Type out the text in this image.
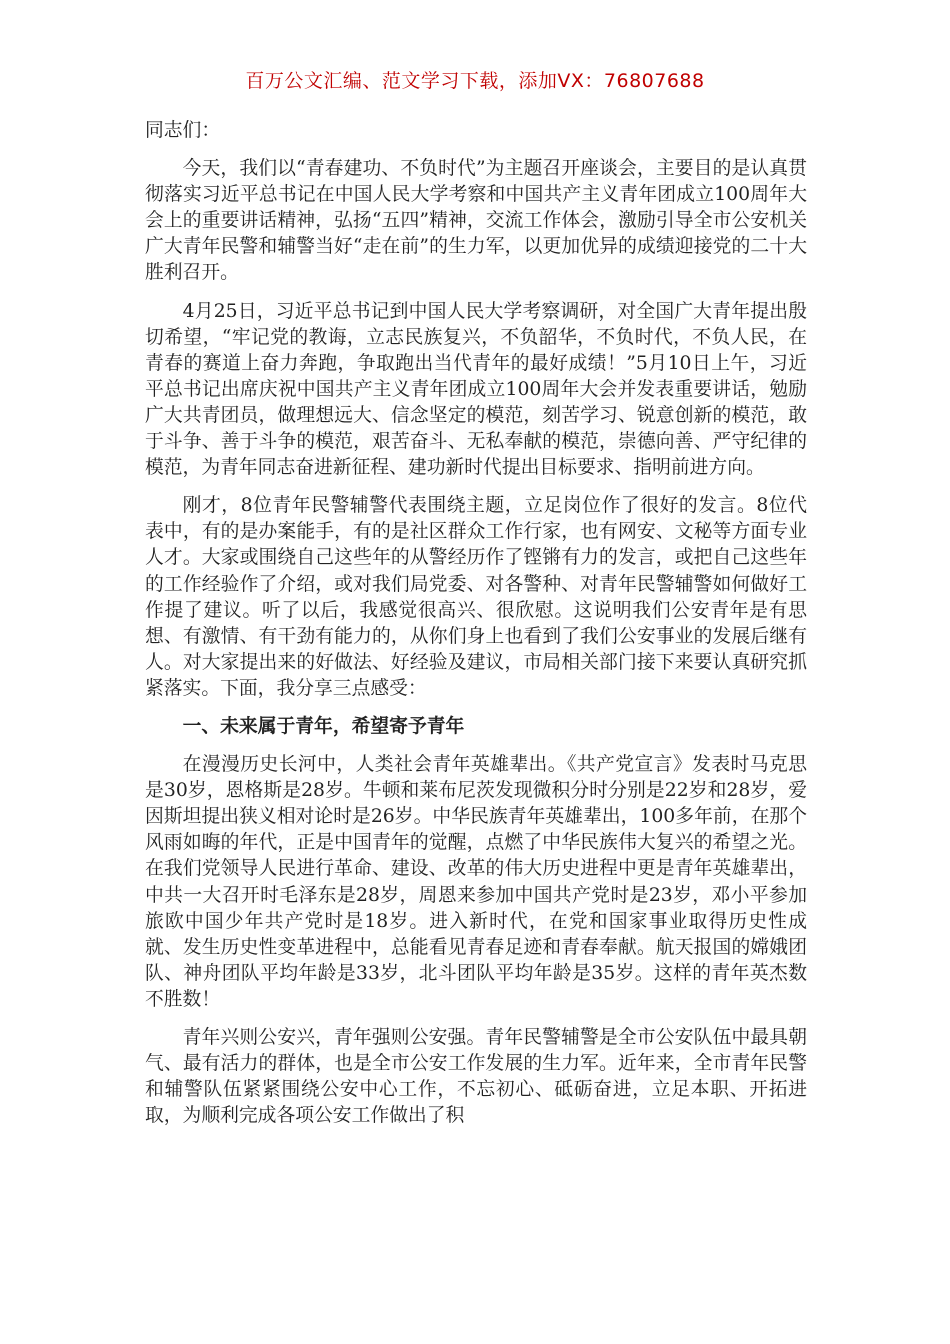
百万公文汇编、范文学习下载，添加VX：76807688

同志们：

今天，我们以“青春建功、不负时代”为主题召开座谈会，主要目的是认真贯彻落实习近平总书记在中国人民大学考察和中国共产主义青年团成立100周年大会上的重要讲话精神，弘扬“五四”精神，交流工作体会，激励引导全市公安机关广大青年民警和辅警当好“走在前”的生力军，以更加优异的成绩迎接党的二十大胜利召开。

4月25日，习近平总书记到中国人民大学考察调研，对全国广大青年提出殷切希望，“牢记党的教诲，立志民族复兴，不负韶华，不负时代，不负人民，在青春的赛道上奋力奔跑，争取跑出当代青年的最好成绩！”5月10日上午，习近平总书记出席庆祝中国共产主义青年团成立100周年大会并发表重要讲话，勉励广大共青团员，做理想远大、信念坚定的模范，刻苦学习、锐意创新的模范，敢于斗争、善于斗争的模范，艰苦奋斗、无私奉献的模范，崇德向善、严守纪律的模范，为青年同志奋进新征程、建功新时代提出目标要求、指明前进方向。

刚才，8位青年民警辅警代表围绕主题，立足岗位作了很好的发言。8位代表中，有的是办案能手，有的是社区群众工作行家，也有网安、文秘等方面专业人才。大家或围绕自己这些年的从警经历作了铿锵有力的发言，或把自己这些年的工作经验作了介绍，或对我们局党委、对各警种、对青年民警辅警如何做好工作提了建议。听了以后，我感觉很高兴、很欣慰。这说明我们公安青年是有思想、有激情、有干劲有能力的，从你们身上也看到了我们公安事业的发展后继有人。对大家提出来的好做法、好经验及建议，市局相关部门接下来要认真研究抓紧落实。下面，我分享三点感受：

一、未来属于青年，希望寄予青年

在漫漫历史长河中，人类社会青年英雄辈出。《共产党宣言》发表时马克思是30岁，恩格斯是28岁。牛顿和莱布尼茨发现微积分时分别是22岁和28岁，爱因斯坦提出狭义相对论时是26岁。中华民族青年英雄辈出，100多年前，在那个风雨如晦的年代，正是中国青年的觉醒，点燃了中华民族伟大复兴的希望之光。在我们党领导人民进行革命、建设、改革的伟大历史进程中更是青年英雄辈出，中共一大召开时毛泽东是28岁，周恩来参加中国共产党时是23岁，邓小平参加旅欧中国少年共产党时是18岁。进入新时代，在党和国家事业取得历史性成就、发生历史性变革进程中，总能看见青春足迹和青春奉献。航天报国的嫦娥团队、神舟团队平均年龄是33岁，北斗团队平均年龄是35岁。这样的青年英杰数不胜数！

青年兴则公安兴，青年强则公安强。青年民警辅警是全市公安队伍中最具朝气、最有活力的群体，也是全市公安工作发展的生力军。近年来，全市青年民警和辅警队伍紧紧围绕公安中心工作，不忘初心、砥砺奋进，立足本职、开拓进取，为顺利完成各项公安工作做出了积
